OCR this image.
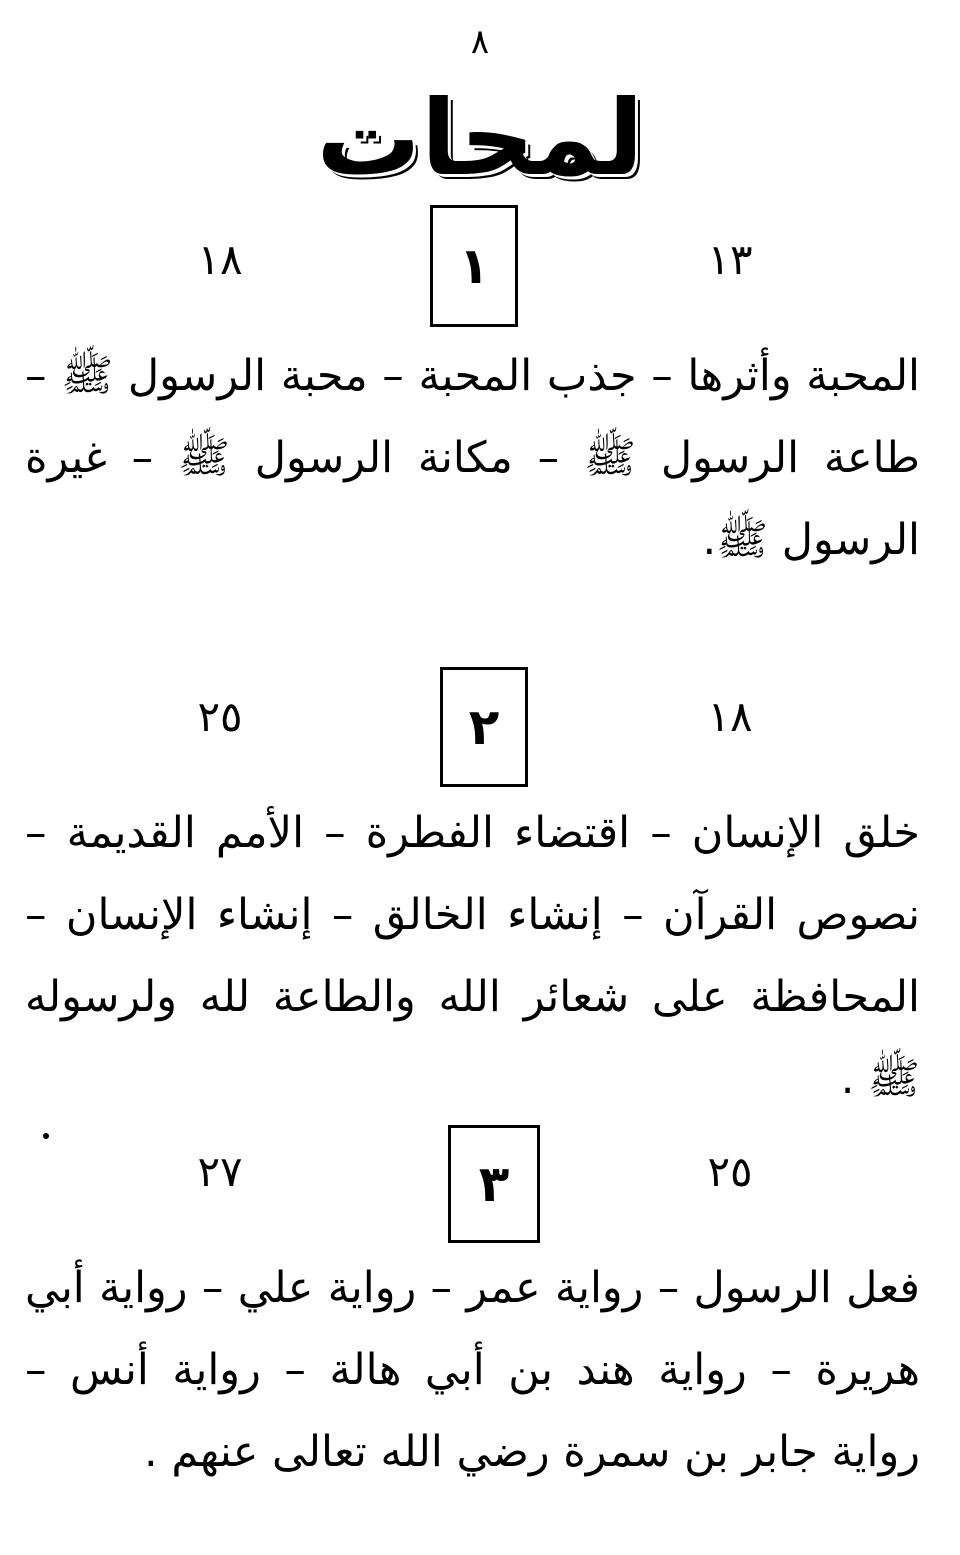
٨
لمحات
١٨	١	١٣
المحبة وأثرها – جذب المحبة – محبة الرسول ﷺ – طاعة الرسول ﷺ – مكانة الرسول ﷺ – غيرة الرسول ﷺ.
٢٥	٢	١٨
خلق الإنسان – اقتضاء الفطرة – الأمم القديمة – نصوص القرآن – إنشاء الخالق – إنشاء الإنسان – المحافظة على شعائر الله والطاعة لله ولرسوله ﷺ .
٢٧	٣	٢٥
فعل الرسول – رواية عمر – رواية علي – رواية أبي هريرة – رواية هند بن أبي هالة – رواية أنس – رواية جابر بن سمرة رضي الله تعالى عنهم .
